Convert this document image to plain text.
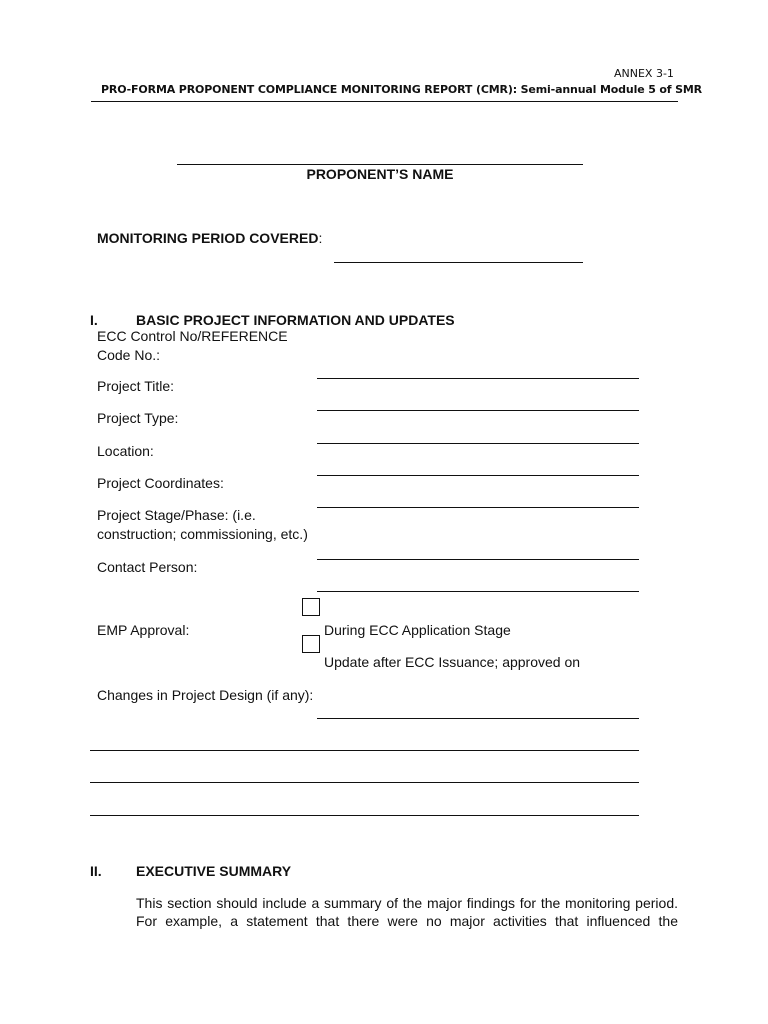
ANNEX 3-1
PRO-FORMA PROPONENT COMPLIANCE MONITORING REPORT (CMR): Semi-annual Module 5 of SMR
PROPONENT’S NAME
MONITORING PERIOD COVERED:
I.	BASIC PROJECT INFORMATION AND UPDATES
ECC Control No/REFERENCE
Code No.:
Project Title:
Project Type:
Location:
Project Coordinates:
Project Stage/Phase: (i.e.
construction; commissioning, etc.)
Contact Person:
EMP Approval:	During ECC Application Stage
Update after ECC Issuance; approved on
Changes in Project Design (if any):
II. EXECUTIVE SUMMARY
This section should include a summary of the major findings for the monitoring period.
For example, a statement that there were no major activities that influenced the
